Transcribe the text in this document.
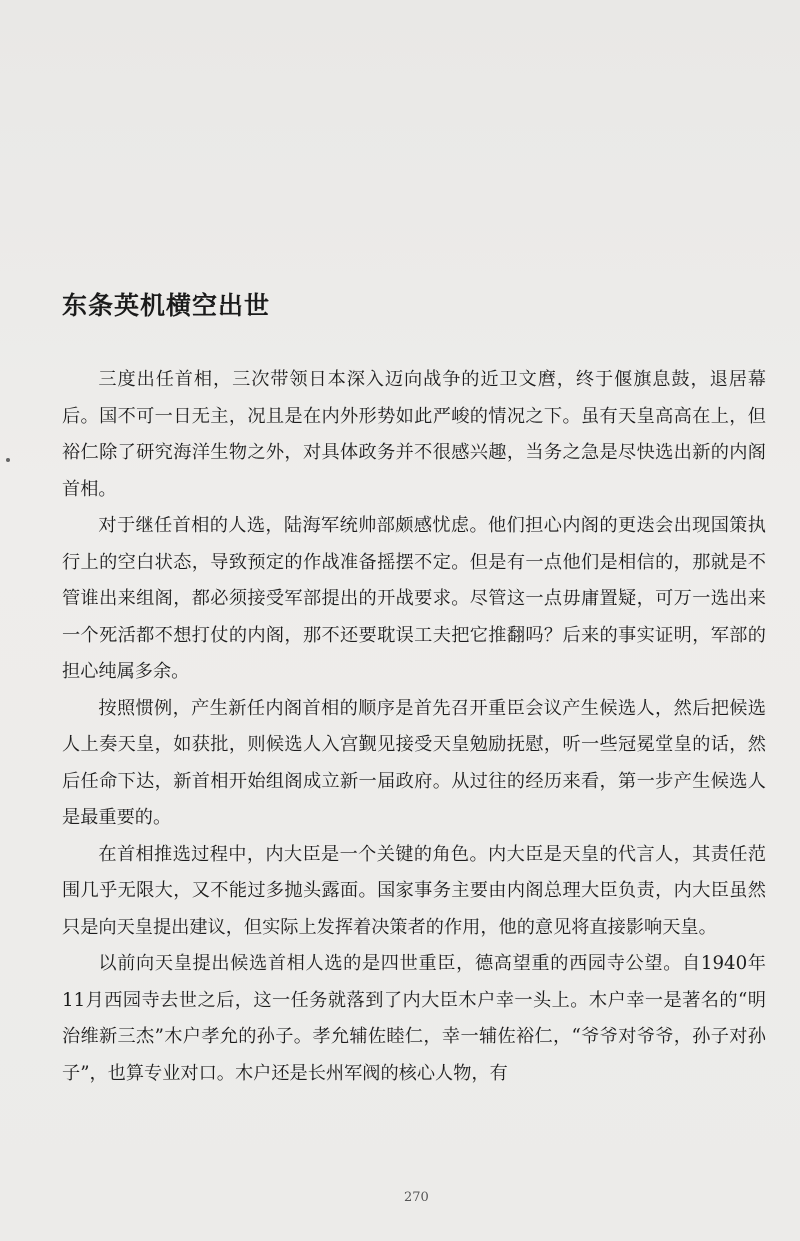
东条英机横空出世

三度出任首相，三次带领日本深入迈向战争的近卫文麿，终于偃旗息鼓，退居幕后。国不可一日无主，况且是在内外形势如此严峻的情况之下。虽有天皇高高在上，但裕仁除了研究海洋生物之外，对具体政务并不很感兴趣，当务之急是尽快选出新的内阁首相。

对于继任首相的人选，陆海军统帅部颇感忧虑。他们担心内阁的更迭会出现国策执行上的空白状态，导致预定的作战准备摇摆不定。但是有一点他们是相信的，那就是不管谁出来组阁，都必须接受军部提出的开战要求。尽管这一点毋庸置疑，可万一选出来一个死活都不想打仗的内阁，那不还要耽误工夫把它推翻吗？后来的事实证明，军部的担心纯属多余。

按照惯例，产生新任内阁首相的顺序是首先召开重臣会议产生候选人，然后把候选人上奏天皇，如获批，则候选人入宫觐见接受天皇勉励抚慰，听一些冠冕堂皇的话，然后任命下达，新首相开始组阁成立新一届政府。从过往的经历来看，第一步产生候选人是最重要的。

在首相推选过程中，内大臣是一个关键的角色。内大臣是天皇的代言人，其责任范围几乎无限大，又不能过多抛头露面。国家事务主要由内阁总理大臣负责，内大臣虽然只是向天皇提出建议，但实际上发挥着决策者的作用，他的意见将直接影响天皇。

以前向天皇提出候选首相人选的是四世重臣，德高望重的西园寺公望。自1940年11月西园寺去世之后，这一任务就落到了内大臣木户幸一头上。木户幸一是著名的“明治维新三杰”木户孝允的孙子。孝允辅佐睦仁，幸一辅佐裕仁，“爷爷对爷爷，孙子对孙子”，也算专业对口。木户还是长州军阀的核心人物，有

270
